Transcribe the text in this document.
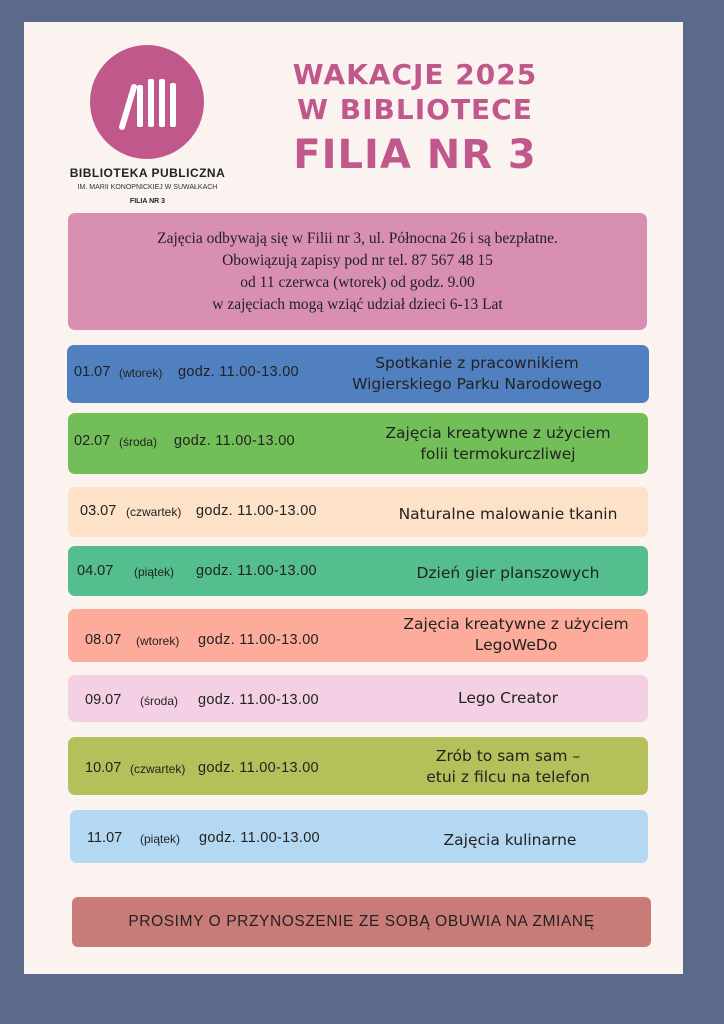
BIBLIOTEKA PUBLICZNA
IM. MARII KONOPNICKIEJ W SUWAŁKACH
FILIA NR 3
WAKACJE 2025
W BIBLIOTECE
FILIA NR 3
Zajęcia odbywają się w Filii nr 3, ul. Północna 26 i są bezpłatne.
Obowiązują zapisy pod nr tel. 87 567 48 15
od 11 czerwca (wtorek) od godz. 9.00
w zajęciach mogą wziąć udział dzieci 6-13 Lat
01.07 (wtorek) godz. 11.00-13.00	Spotkanie z pracownikiem
Wigierskiego Parku Narodowego
02.07 (środa) godz. 11.00-13.00	Zajęcia kreatywne z użyciem
folii termokurczliwej
03.07 (czwartek) godz. 11.00-13.00	Naturalne malowanie tkanin
04.07 (piątek) godz. 11.00-13.00	Dzień gier planszowych
08.07 (wtorek) godz. 11.00-13.00
Zajęcia kreatywne z użyciem
LegoWeDo
09.07 (środa) godz. 11.00-13.00	Lego Creator
10.07 (czwartek) godz. 11.00-13.00
Zrób to sam sam –
etui z filcu na telefon
11.07 (piątek) godz. 11.00-13.00	Zajęcia kulinarne
PROSIMY O PRZYNOSZENIE ZE SOBĄ OBUWIA NA ZMIANĘ
